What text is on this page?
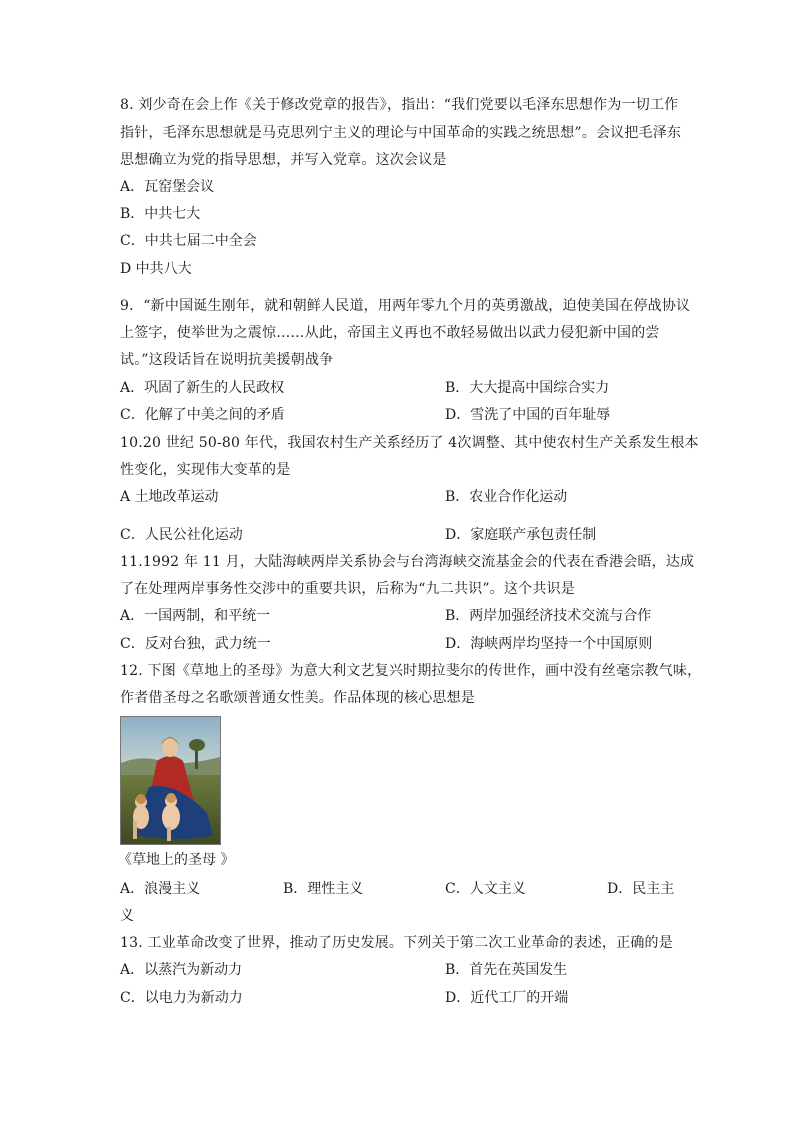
8. 刘少奇在会上作《关于修改党章的报告》，指出：“我们党要以毛泽东思想作为一切工作
指针，毛泽东思想就是马克思列宁主义的理论与中国革命的实践之统思想”。会议把毛泽东
思想确立为党的指导思想，并写入党章。这次会议是
A．瓦窑堡会议
B．中共七大
C．中共七届二中全会
D 中共八大
9．“新中国诞生刚年，就和朝鲜人民道，用两年零九个月的英勇激战，迫使美国在停战协议
上签字，使举世为之震惊……从此，帝国主义再也不敢轻易做出以武力侵犯新中国的尝
试。”这段话旨在说明抗美援朝战争
A．巩固了新生的人民政权	B．大大提高中国综合实力
C．化解了中美之间的矛盾	D．雪洗了中国的百年耻辱
10.20 世纪 50-80 年代，我国农村生产关系经历了 4次调整、其中使农村生产关系发生根本
性变化，实现伟大变革的是
A 土地改革运动	B．农业合作化运动
C．人民公社化运动	D．家庭联产承包责任制
11.1992 年 11 月，大陆海峡两岸关系协会与台湾海峡交流基金会的代表在香港会晤，达成
了在处理两岸事务性交涉中的重要共识，后称为“九二共识”。这个共识是
A．一国两制，和平统一	B．两岸加强经济技术交流与合作
C．反对台独，武力统一	D．海峡两岸均坚持一个中国原则
12. 下图《草地上的圣母》为意大利文艺复兴时期拉斐尔的传世作，画中没有丝毫宗教气味，
作者借圣母之名歌颂普通女性美。作品体现的核心思想是
《草地上的圣母 》
A．浪漫主义	B．理性主义	C．人文主义	D．民主主
义
13. 工业革命改变了世界，推动了历史发展。下列关于第二次工业革命的表述，正确的是
A．以蒸汽为新动力	B．首先在英国发生
C．以电力为新动力	D．近代工厂的开端
